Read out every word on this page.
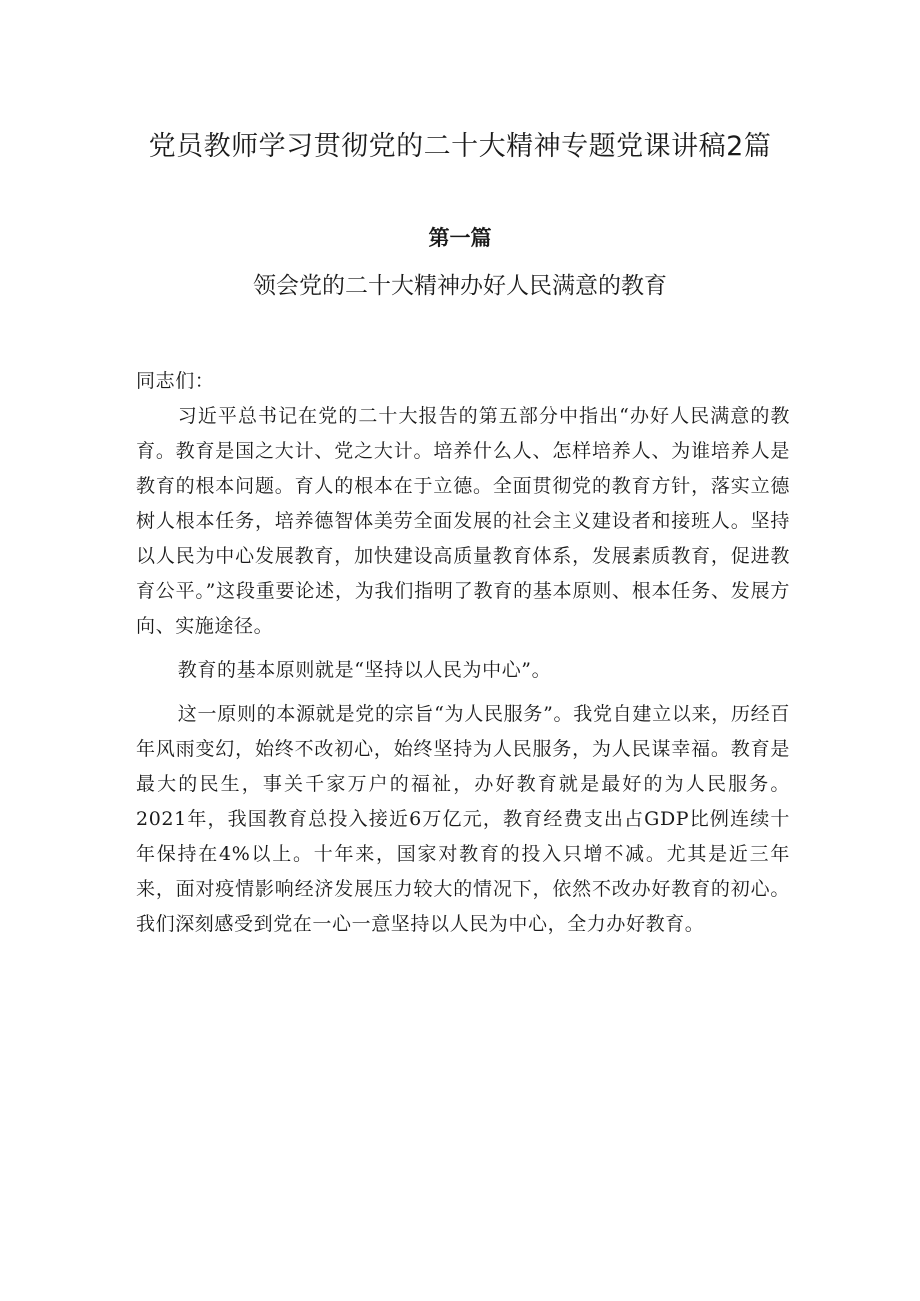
党员教师学习贯彻党的二十大精神专题党课讲稿2篇
第一篇
领会党的二十大精神办好人民满意的教育

同志们：

习近平总书记在党的二十大报告的第五部分中指出“办好人民满意的教育。教育是国之大计、党之大计。培养什么人、怎样培养人、为谁培养人是教育的根本问题。育人的根本在于立德。全面贯彻党的教育方针，落实立德树人根本任务，培养德智体美劳全面发展的社会主义建设者和接班人。坚持以人民为中心发展教育，加快建设高质量教育体系，发展素质教育，促进教育公平。”这段重要论述，为我们指明了教育的基本原则、根本任务、发展方向、实施途径。

教育的基本原则就是“坚持以人民为中心”。

这一原则的本源就是党的宗旨“为人民服务”。我党自建立以来，历经百年风雨变幻，始终不改初心，始终坚持为人民服务，为人民谋幸福。教育是最大的民生，事关千家万户的福祉，办好教育就是最好的为人民服务。2021年，我国教育总投入接近6万亿元，教育经费支出占GDP比例连续十年保持在4%以上。十年来，国家对教育的投入只增不减。尤其是近三年来，面对疫情影响经济发展压力较大的情况下，依然不改办好教育的初心。我们深刻感受到党在一心一意坚持以人民为中心，全力办好教育。
